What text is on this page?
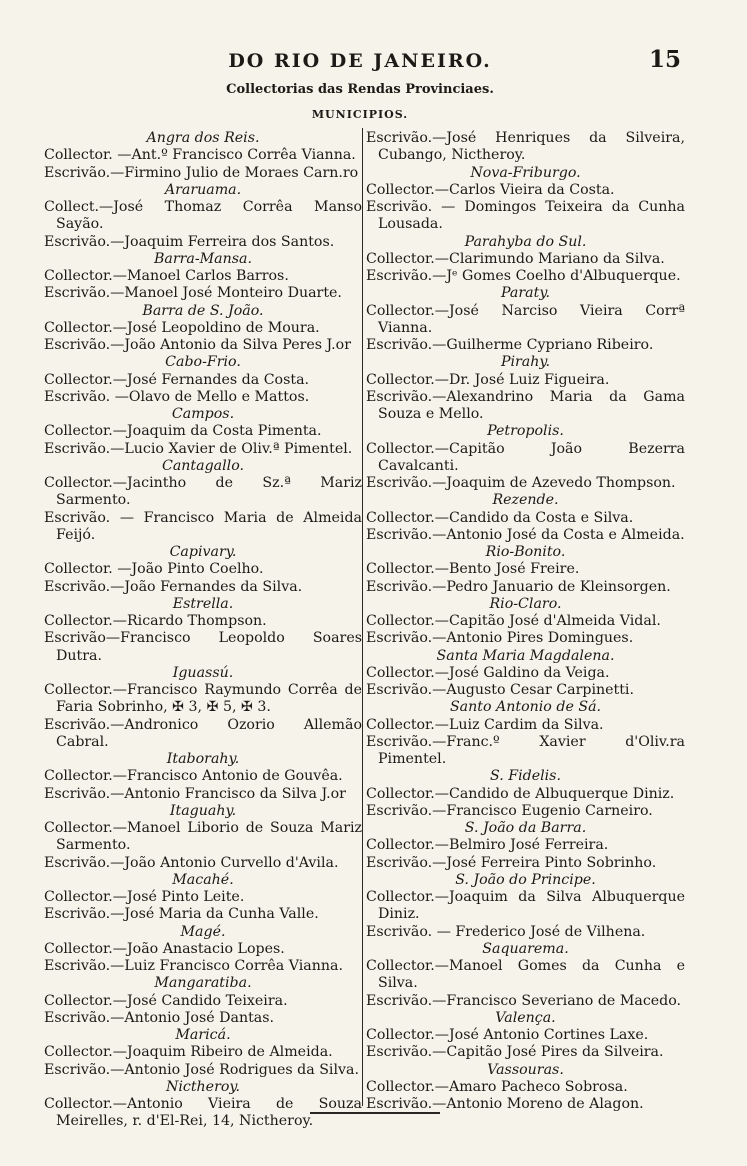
DO RIO DE JANEIRO.	15
Collectorias das Rendas Provinciaes.
MUNICIPIOS.
Angra dos Reis.
Collector. —Ant.º Francisco Corrêa Vianna.
Escrivão.—Firmino Julio de Moraes Carn.ro
Araruama.
Collect.—José Thomaz Corrêa Manso Sayão.
Escrivão.—Joaquim Ferreira dos Santos.
Barra-Mansa.
Collector.—Manoel Carlos Barros.
Escrivão.—Manoel José Monteiro Duarte.
Barra de S. João.
Collector.—José Leopoldino de Moura.
Escrivão.—João Antonio da Silva Peres J.or
Cabo-Frio.
Collector.—José Fernandes da Costa.
Escrivão. —Olavo de Mello e Mattos.
Campos.
Collector.—Joaquim da Costa Pimenta.
Escrivão.—Lucio Xavier de Oliv.ª Pimentel.
Cantagallo.
Collector.—Jacintho de Sz.ª Mariz Sarmento.
Escrivão. — Francisco Maria de Almeida Feijó.
Capivary.
Collector. —João Pinto Coelho.
Escrivão.—João Fernandes da Silva.
Estrella.
Collector.—Ricardo Thompson.
Escrivão—Francisco Leopoldo Soares Dutra.
Iguassú.
Collector.—Francisco Raymundo Corrêa de Faria Sobrinho, ✠ 3, ✠ 5, ✠ 3.
Escrivão.—Andronico Ozorio Allemão Cabral.
Itaborahy.
Collector.—Francisco Antonio de Gouvêa.
Escrivão.—Antonio Francisco da Silva J.or
Itaguahy.
Collector.—Manoel Liborio de Souza Mariz Sarmento.
Escrivão.—João Antonio Curvello d'Avila.
Macahé.
Collector.—José Pinto Leite.
Escrivão.—José Maria da Cunha Valle.
Magé.
Collector.—João Anastacio Lopes.
Escrivão.—Luiz Francisco Corrêa Vianna.
Mangaratiba.
Collector.—José Candido Teixeira.
Escrivão.—Antonio José Dantas.
Maricá.
Collector.—Joaquim Ribeiro de Almeida.
Escrivão.—Antonio José Rodrigues da Silva.
Nictheroy.
Collector.—Antonio Vieira de Souza Meirelles, r. d'El-Rei, 14, Nictheroy.
Escrivão.—José Henriques da Silveira, Cubango, Nictheroy.
Nova-Friburgo.
Collector.—Carlos Vieira da Costa.
Escrivão. — Domingos Teixeira da Cunha Lousada.
Parahyba do Sul.
Collector.—Clarimundo Mariano da Silva.
Escrivão.—Jᵉ Gomes Coelho d'Albuquerque.
Paraty.
Collector.—José Narciso Vieira Corrª Vianna.
Escrivão.—Guilherme Cypriano Ribeiro.
Pirahy.
Collector.—Dr. José Luiz Figueira.
Escrivão.—Alexandrino Maria da Gama Souza e Mello.
Petropolis.
Collector.—Capitão João Bezerra Cavalcanti.
Escrivão.—Joaquim de Azevedo Thompson.
Rezende.
Collector.—Candido da Costa e Silva.
Escrivão.—Antonio José da Costa e Almeida.
Rio-Bonito.
Collector.—Bento José Freire.
Escrivão.—Pedro Januario de Kleinsorgen.
Rio-Claro.
Collector.—Capitão José d'Almeida Vidal.
Escrivão.—Antonio Pires Domingues.
Santa Maria Magdalena.
Collector.—José Galdino da Veiga.
Escrivão.—Augusto Cesar Carpinetti.
Santo Antonio de Sá.
Collector.—Luiz Cardim da Silva.
Escrivão.—Franc.º Xavier d'Oliv.ra Pimentel.
S. Fidelis.
Collector.—Candido de Albuquerque Diniz.
Escrivão.—Francisco Eugenio Carneiro.
S. João da Barra.
Collector.—Belmiro José Ferreira.
Escrivão.—José Ferreira Pinto Sobrinho.
S. João do Principe.
Collector.—Joaquim da Silva Albuquerque Diniz.
Escrivão. — Frederico José de Vilhena.
Saquarema.
Collector.—Manoel Gomes da Cunha e Silva.
Escrivão.—Francisco Severiano de Macedo.
Valença.
Collector.—José Antonio Cortines Laxe.
Escrivão.—Capitão José Pires da Silveira.
Vassouras.
Collector.—Amaro Pacheco Sobrosa.
Escrivão.—Antonio Moreno de Alagon.
